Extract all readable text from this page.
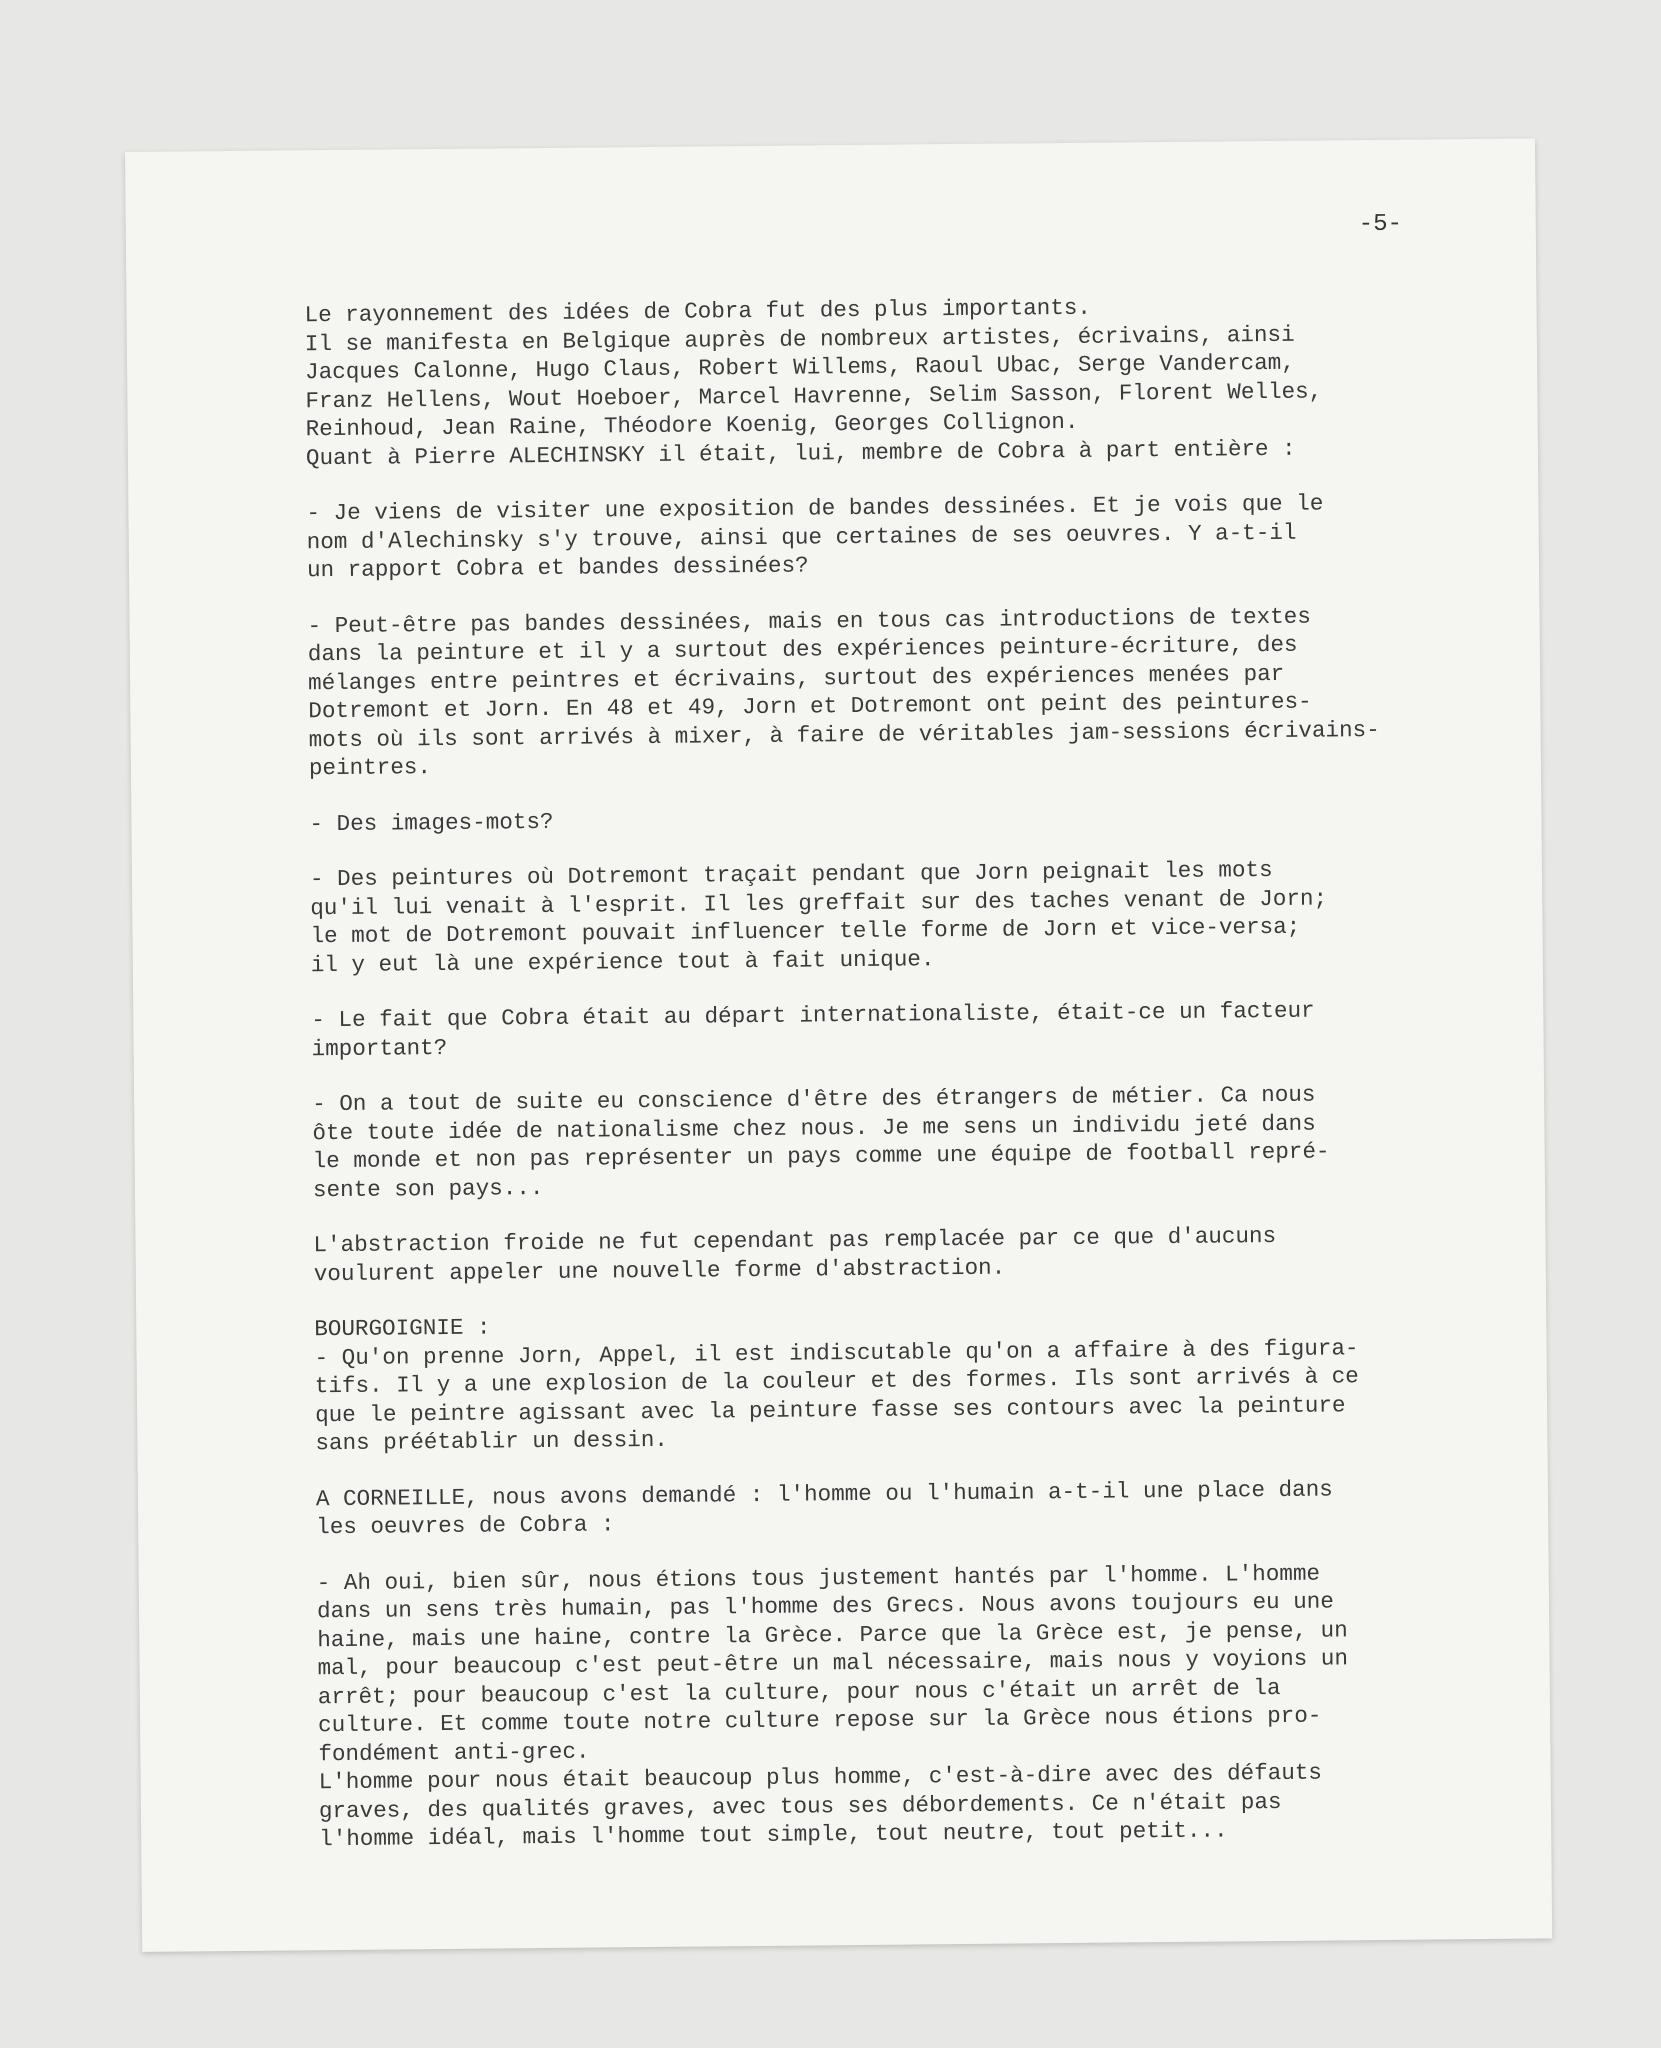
-5-
Le rayonnement des idées de Cobra fut des plus importants.
Il se manifesta en Belgique auprès de nombreux artistes, écrivains, ainsi
Jacques Calonne, Hugo Claus, Robert Willems, Raoul Ubac, Serge Vandercam,
Franz Hellens, Wout Hoeboer, Marcel Havrenne, Selim Sasson, Florent Welles,
Reinhoud, Jean Raine, Théodore Koenig, Georges Collignon.
Quant à Pierre ALECHINSKY il était, lui, membre de Cobra à part entière :
- Je viens de visiter une exposition de bandes dessinées. Et je vois que le
nom d'Alechinsky s'y trouve, ainsi que certaines de ses oeuvres. Y a-t-il
un rapport Cobra et bandes dessinées?
- Peut-être pas bandes dessinées, mais en tous cas introductions de textes
dans la peinture et il y a surtout des expériences peinture-écriture, des
mélanges entre peintres et écrivains, surtout des expériences menées par
Dotremont et Jorn. En 48 et 49, Jorn et Dotremont ont peint des peintures-
mots où ils sont arrivés à mixer, à faire de véritables jam-sessions écrivains-
peintres.
- Des images-mots?
- Des peintures où Dotremont traçait pendant que Jorn peignait les mots
qu'il lui venait à l'esprit. Il les greffait sur des taches venant de Jorn;
le mot de Dotremont pouvait influencer telle forme de Jorn et vice-versa;
il y eut là une expérience tout à fait unique.
- Le fait que Cobra était au départ internationaliste, était-ce un facteur
important?
- On a tout de suite eu conscience d'être des étrangers de métier. Ca nous
ôte toute idée de nationalisme chez nous. Je me sens un individu jeté dans
le monde et non pas représenter un pays comme une équipe de football repré-
sente son pays...
L'abstraction froide ne fut cependant pas remplacée par ce que d'aucuns
voulurent appeler une nouvelle forme d'abstraction.
BOURGOIGNIE :
- Qu'on prenne Jorn, Appel, il est indiscutable qu'on a affaire à des figura-
tifs. Il y a une explosion de la couleur et des formes. Ils sont arrivés à ce
que le peintre agissant avec la peinture fasse ses contours avec la peinture
sans préétablir un dessin.
A CORNEILLE, nous avons demandé : l'homme ou l'humain a-t-il une place dans
les oeuvres de Cobra :
- Ah oui, bien sûr, nous étions tous justement hantés par l'homme. L'homme
dans un sens très humain, pas l'homme des Grecs. Nous avons toujours eu une
haine, mais une haine, contre la Grèce. Parce que la Grèce est, je pense, un
mal, pour beaucoup c'est peut-être un mal nécessaire, mais nous y voyions un
arrêt; pour beaucoup c'est la culture, pour nous c'était un arrêt de la
culture. Et comme toute notre culture repose sur la Grèce nous étions pro-
fondément anti-grec.
L'homme pour nous était beaucoup plus homme, c'est-à-dire avec des défauts
graves, des qualités graves, avec tous ses débordements. Ce n'était pas
l'homme idéal, mais l'homme tout simple, tout neutre, tout petit...
